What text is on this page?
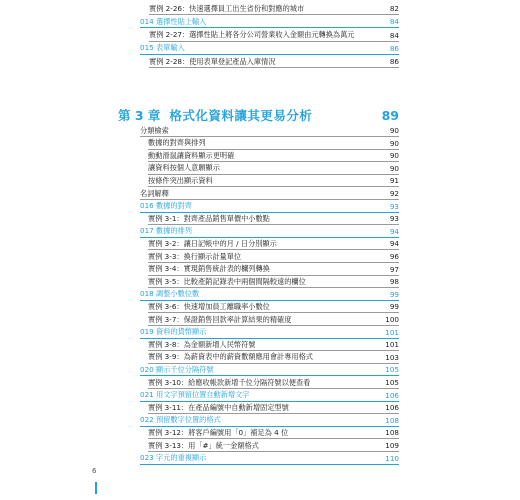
實例 2-26：快速選擇員工出生省份和對應的城市	82
014 選擇性貼上輸入	84
實例 2-27：選擇性貼上將各分公司營業收入金額由元轉換為萬元	84
015 表單輸入	86
實例 2-28：使用表單登記產品入庫情況	86
第 3 章 格式化資料讓其更易分析	89
分類檢索	90
數據的對齊與排列	90
動動滑鼠讓資料顯示更明確	90
讓資料按個人意願顯示	90
按條件突出顯示資料	91
名詞解釋	92
016 數據的對齊	93
實例 3-1：對齊產品銷售單價中小數點	93
017 數據的排列	94
實例 3-2：讓日記帳中的月 / 日分別顯示	94
實例 3-3：換行顯示計量單位	96
實例 3-4：實現銷售統計表的欄列轉換	97
實例 3-5：比較產銷記錄表中兩個間隔較遠的欄位	98
018 調整小數位數	99
實例 3-6：快速增加員工離職率小數位	99
實例 3-7：保證銷售回款率計算結果的精確度	100
019 資料的貨幣顯示	101
實例 3-8：為金額新增人民幣符號	101
實例 3-9：為薪資表中的薪資數額應用會計專用格式	103
020 顯示千位分隔符號	105
實例 3-10：給應收帳款新增千位分隔符號以便查看	105
021 用文字預留位置自動新增文字	106
實例 3-11：在產品編號中自動新增固定型號	106
022 預留數字位置的格式	108
實例 3-12：將客戶編號用「0」補足為 4 位	108
實例 3-13：用「#」統一金額格式	109
023 字元的重複顯示	110
6
